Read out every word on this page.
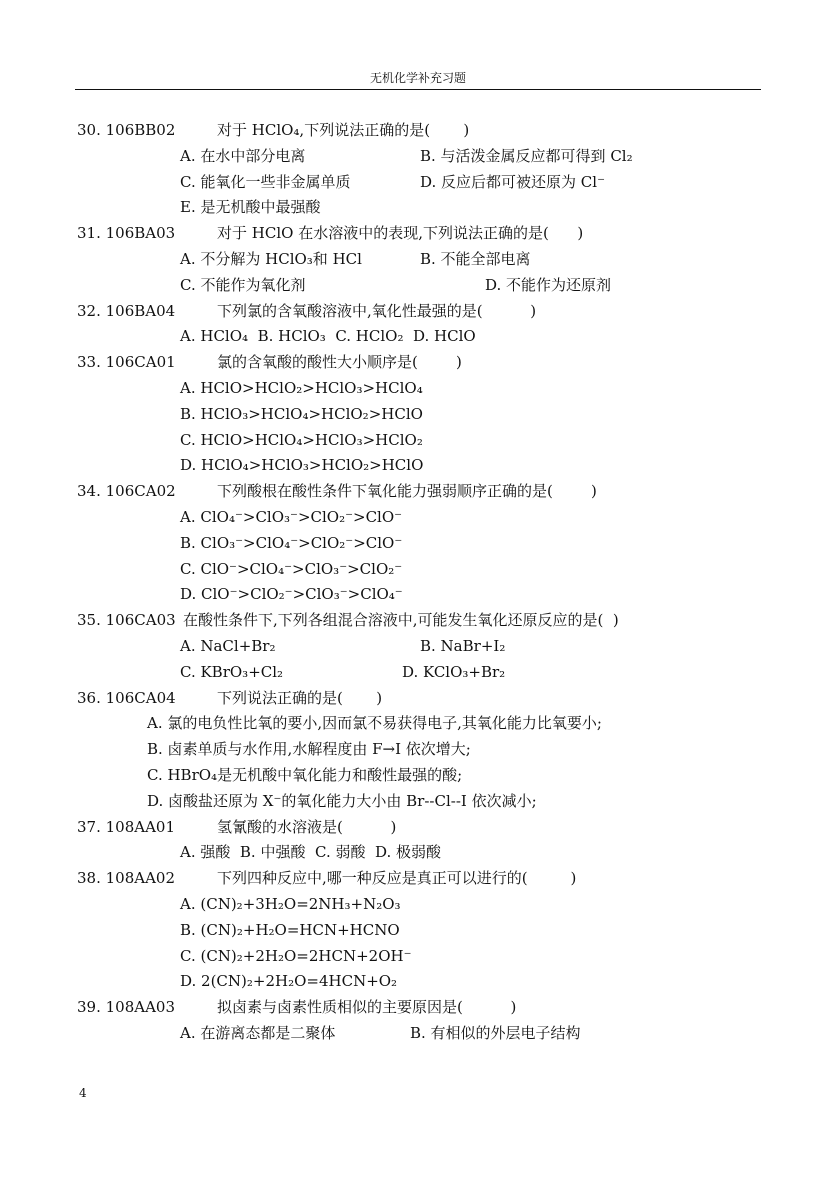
无机化学补充习题
30. 106BB02	对于 HClO₄,下列说法正确的是(       )
A. 在水中部分电离	B. 与活泼金属反应都可得到 Cl₂
C. 能氧化一些非金属单质	D. 反应后都可被还原为 Cl⁻
E. 是无机酸中最强酸
31. 106BA03	对于 HClO 在水溶液中的表现,下列说法正确的是(      )
A. 不分解为 HClO₃和 HCl	B. 不能全部电离
C. 不能作为氧化剂	D. 不能作为还原剂
32. 106BA04	下列氯的含氧酸溶液中,氧化性最强的是(          )
A. HClO₄  B. HClO₃  C. HClO₂  D. HClO
33. 106CA01	氯的含氧酸的酸性大小顺序是(        )
A. HClO>HClO₂>HClO₃>HClO₄
B. HClO₃>HClO₄>HClO₂>HClO
C. HClO>HClO₄>HClO₃>HClO₂
D. HClO₄>HClO₃>HClO₂>HClO
34. 106CA02	下列酸根在酸性条件下氧化能力强弱顺序正确的是(        )
A. ClO₄⁻>ClO₃⁻>ClO₂⁻>ClO⁻
B. ClO₃⁻>ClO₄⁻>ClO₂⁻>ClO⁻
C. ClO⁻>ClO₄⁻>ClO₃⁻>ClO₂⁻
D. ClO⁻>ClO₂⁻>ClO₃⁻>ClO₄⁻
35. 106CA03 在酸性条件下,下列各组混合溶液中,可能发生氧化还原反应的是(  )
A. NaCl+Br₂	B. NaBr+I₂
C. KBrO₃+Cl₂	D. KClO₃+Br₂
36. 106CA04	下列说法正确的是(       )
A. 氯的电负性比氧的要小,因而氯不易获得电子,其氧化能力比氧要小;
B. 卤素单质与水作用,水解程度由 F→I 依次增大;
C. HBrO₄是无机酸中氧化能力和酸性最强的酸;
D. 卤酸盐还原为 X⁻的氧化能力大小由 Br--Cl--I 依次减小;
37. 108AA01	氢氰酸的水溶液是(          )
A. 强酸  B. 中强酸  C. 弱酸  D. 极弱酸
38. 108AA02	下列四种反应中,哪一种反应是真正可以进行的(         )
A. (CN)₂+3H₂O=2NH₃+N₂O₃
B. (CN)₂+H₂O=HCN+HCNO
C. (CN)₂+2H₂O=2HCN+2OH⁻
D. 2(CN)₂+2H₂O=4HCN+O₂
39. 108AA03	拟卤素与卤素性质相似的主要原因是(          )
A. 在游离态都是二聚体	B. 有相似的外层电子结构
4
